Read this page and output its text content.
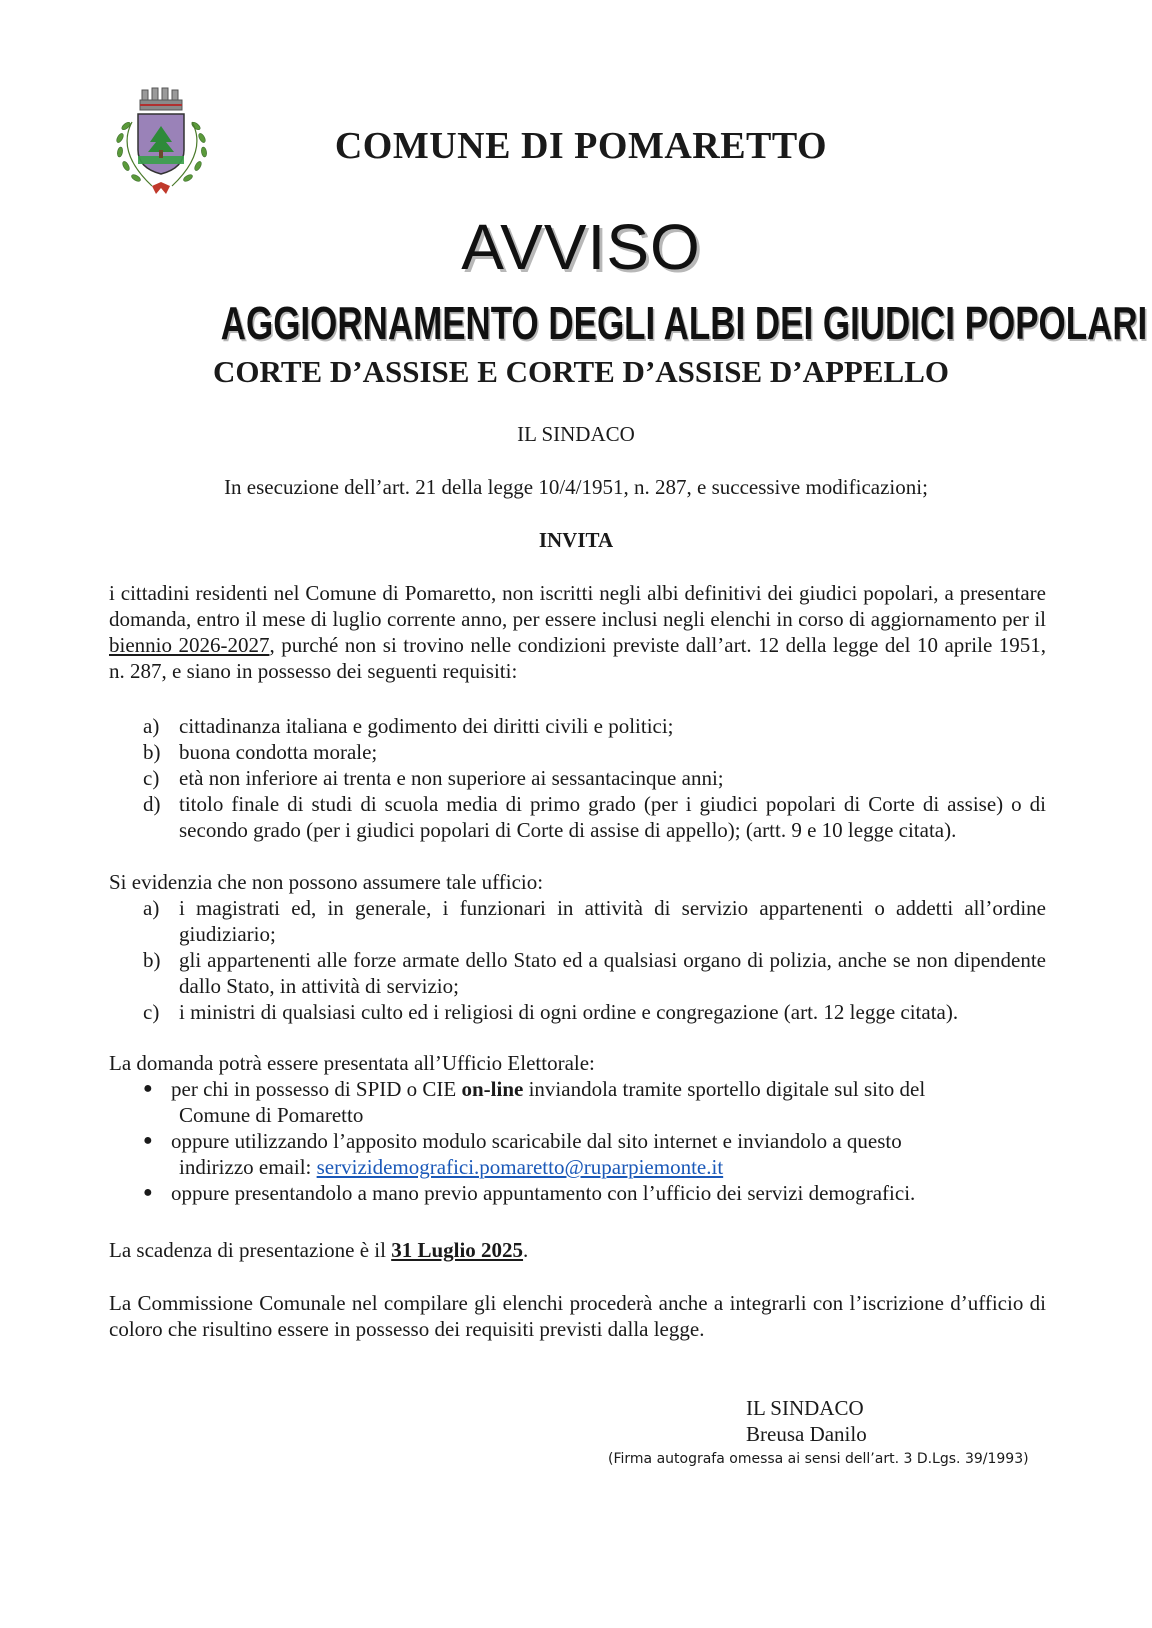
COMUNE DI POMARETTO
AVVISO
AGGIORNAMENTO DEGLI ALBI DEI GIUDICI POPOLARI
CORTE D’ASSISE E CORTE D’ASSISE D’APPELLO
IL SINDACO
In esecuzione dell’art. 21 della legge 10/4/1951, n. 287, e successive modificazioni;
INVITA
i cittadini residenti nel Comune di Pomaretto, non iscritti negli albi definitivi dei giudici popolari, a presentare domanda, entro il mese di luglio corrente anno, per essere inclusi negli elenchi in corso di aggiornamento per il biennio 2026-2027, purché non si trovino nelle condizioni previste dall’art. 12 della legge del 10 aprile 1951, n. 287, e siano in possesso dei seguenti requisiti:
a) cittadinanza italiana e godimento dei diritti civili e politici;
b) buona condotta morale;
c) età non inferiore ai trenta e non superiore ai sessantacinque anni;
d) titolo finale di studi di scuola media di primo grado (per i giudici popolari di Corte di assise) o di secondo grado (per i giudici popolari di Corte di assise di appello); (artt. 9 e 10 legge citata).
Si evidenzia che non possono assumere tale ufficio:
a) i magistrati ed, in generale, i funzionari in attività di servizio appartenenti o addetti all’ordine giudiziario;
b) gli appartenenti alle forze armate dello Stato ed a qualsiasi organo di polizia, anche se non dipendente dallo Stato, in attività di servizio;
c) i ministri di qualsiasi culto ed i religiosi di ogni ordine e congregazione (art. 12 legge citata).
La domanda potrà essere presentata all’Ufficio Elettorale:
● per chi in possesso di SPID o CIE on-line inviandola tramite sportello digitale sul sito del
Comune di Pomaretto
● oppure utilizzando l’apposito modulo scaricabile dal sito internet e inviandolo a questo
indirizzo email: servizidemografici.pomaretto@ruparpiemonte.it
● oppure presentandolo a mano previo appuntamento con l’ufficio dei servizi demografici.
La scadenza di presentazione è il 31 Luglio 2025.
La Commissione Comunale nel compilare gli elenchi procederà anche a integrarli con l’iscrizione d’ufficio di coloro che risultino essere in possesso dei requisiti previsti dalla legge.
IL SINDACO
Breusa Danilo
(Firma autografa omessa ai sensi dell’art. 3 D.Lgs. 39/1993)
